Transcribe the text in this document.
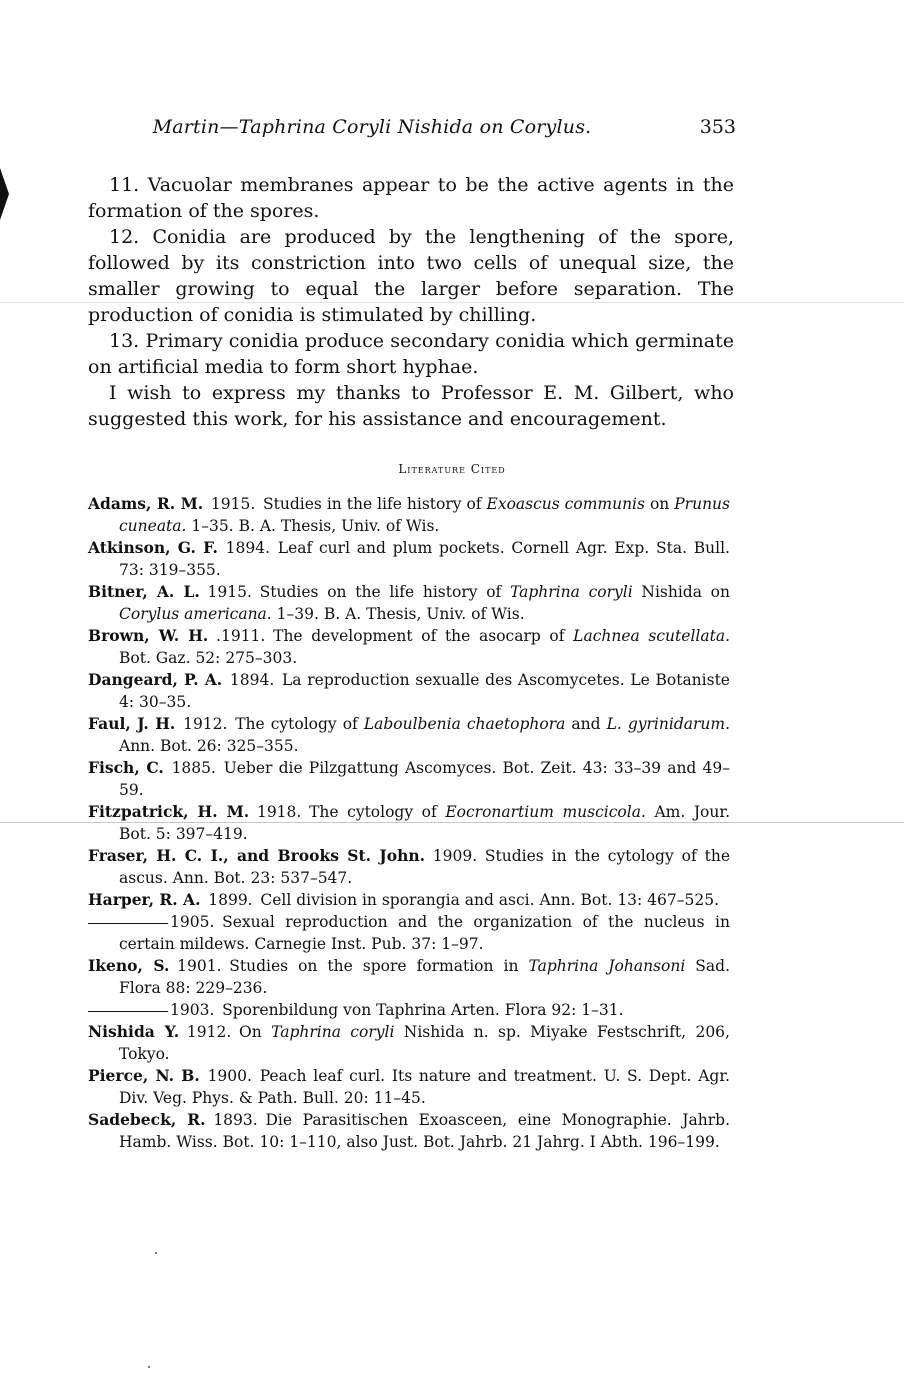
Martin—Taphrina Coryli Nishida on Corylus.	353

11. Vacuolar membranes appear to be the active agents in the formation of the spores.

12. Conidia are produced by the lengthening of the spore, followed by its constriction into two cells of unequal size, the smaller growing to equal the larger before separation. The production of conidia is stimulated by chilling.

13. Primary conidia produce secondary conidia which germinate on artificial media to form short hyphae.

I wish to express my thanks to Professor E. M. Gilbert, who suggested this work, for his assistance and encouragement.

Literature Cited

Adams, R. M.  1915.  Studies in the life history of Exoascus communis on Prunus cuneata. 1–35. B. A. Thesis, Univ. of Wis.

Atkinson, G. F.  1894.  Leaf curl and plum pockets. Cornell Agr. Exp. Sta. Bull. 73: 319–355.

Bitner, A. L.  1915.  Studies on the life history of Taphrina coryli Nishida on Corylus americana. 1–39. B. A. Thesis, Univ. of Wis.

Brown, W. H.  .1911.  The development of the asocarp of Lachnea scutellata. Bot. Gaz. 52: 275–303.

Dangeard, P. A.  1894.  La reproduction sexualle des Ascomycetes. Le Botaniste 4: 30–35.

Faul, J. H.  1912.  The cytology of Laboulbenia chaetophora and L. gyrinidarum. Ann. Bot. 26: 325–355.

Fisch, C.  1885.  Ueber die Pilzgattung Ascomyces. Bot. Zeit. 43: 33–39 and 49–59.

Fitzpatrick, H. M.  1918.  The cytology of Eocronartium muscicola. Am. Jour. Bot. 5: 397–419.

Fraser, H. C. I., and Brooks St. John.  1909.  Studies in the cytology of the ascus. Ann. Bot. 23: 537–547.

Harper, R. A.  1899.  Cell division in sporangia and asci. Ann. Bot. 13: 467–525.

1905.  Sexual reproduction and the organization of the nucleus in certain mildews. Carnegie Inst. Pub. 37: 1–97.

Ikeno, S.  1901.  Studies on the spore formation in Taphrina Johansoni Sad. Flora 88: 229–236.

1903.  Sporenbildung von Taphrina Arten. Flora 92: 1–31.

Nishida Y.  1912.  On Taphrina coryli Nishida n. sp. Miyake Festschrift, 206, Tokyo.

Pierce, N. B.  1900.  Peach leaf curl. Its nature and treatment. U. S. Dept. Agr. Div. Veg. Phys. & Path. Bull. 20: 11–45.

Sadebeck, R.  1893.  Die Parasitischen Exoasceen, eine Monographie. Jahrb. Hamb. Wiss. Bot. 10: 1–110, also Just. Bot. Jahrb. 21 Jahrg. I Abth. 196–199.
